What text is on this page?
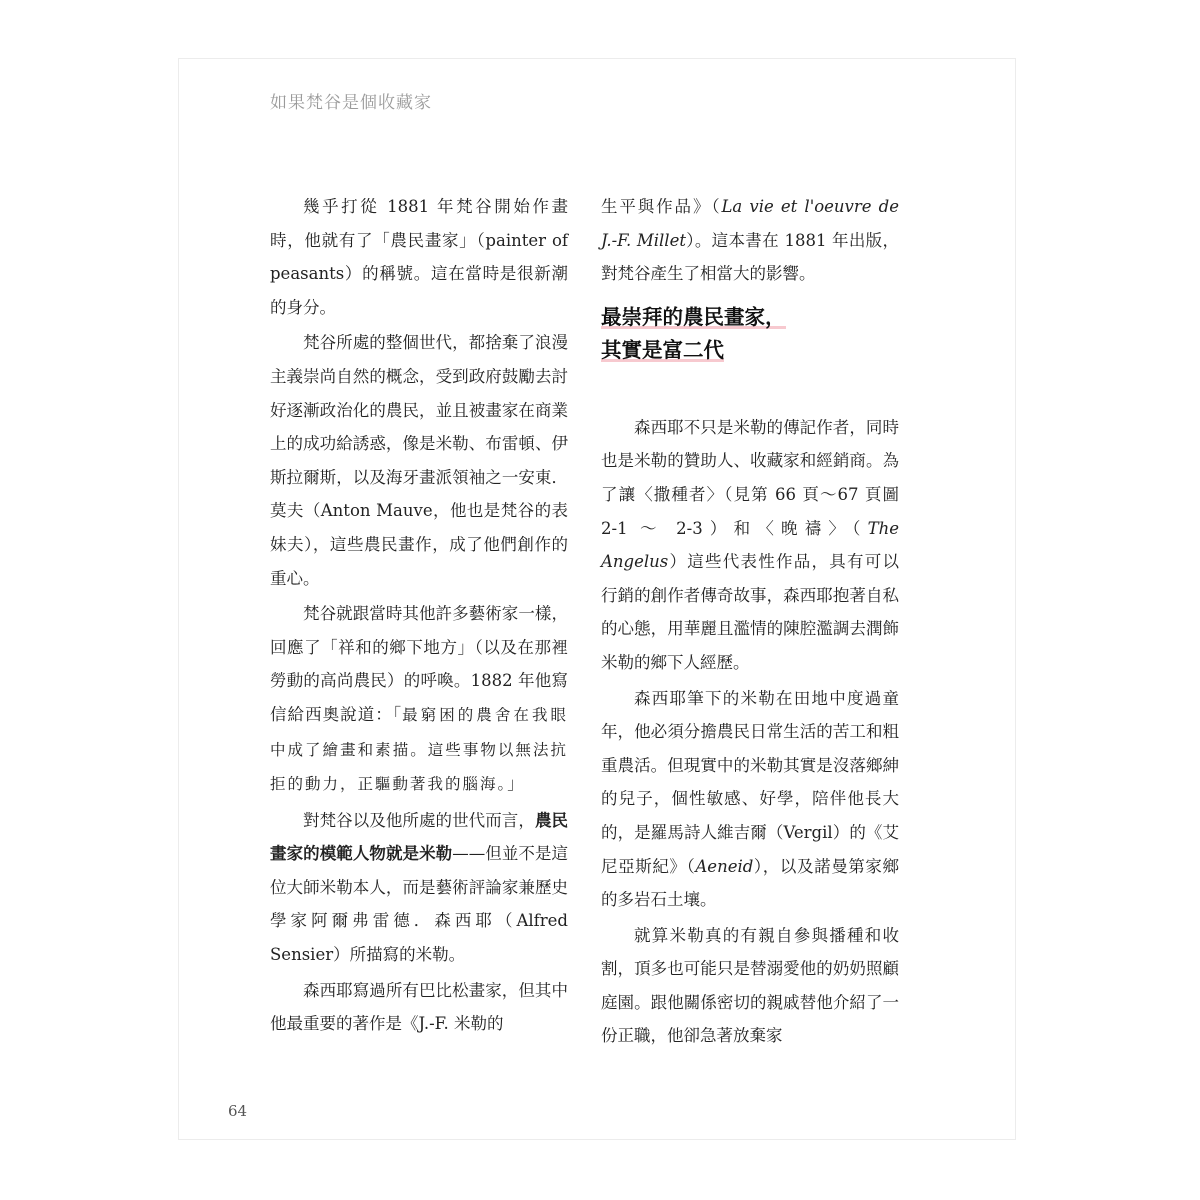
如果梵谷是個收藏家

幾乎打從 1881 年梵谷開始作畫時，他就有了「農民畫家」（painter of peasants）的稱號。這在當時是很新潮的身分。

梵谷所處的整個世代，都捨棄了浪漫主義崇尚自然的概念，受到政府鼓勵去討好逐漸政治化的農民，並且被畫家在商業上的成功給誘惑，像是米勒、布雷頓、伊斯拉爾斯，以及海牙畫派領袖之一安東．莫夫（Anton Mauve，他也是梵谷的表妹夫），這些農民畫作，成了他們創作的重心。

梵谷就跟當時其他許多藝術家一樣，回應了「祥和的鄉下地方」（以及在那裡勞動的高尚農民）的呼喚。1882 年他寫信給西奧說道：「最窮困的農舍在我眼中成了繪畫和素描。這些事物以無法抗拒的動力，正驅動著我的腦海。」

對梵谷以及他所處的世代而言，農民畫家的模範人物就是米勒——但並不是這位大師米勒本人，而是藝術評論家兼歷史學家阿爾弗雷德．森西耶（Alfred Sensier）所描寫的米勒。

森西耶寫過所有巴比松畫家，但其中他最重要的著作是《J.-F. 米勒的

生平與作品》（La vie et l'oeuvre de J.-F. Millet）。這本書在 1881 年出版，對梵谷產生了相當大的影響。

最崇拜的農民畫家，
其實是富二代

森西耶不只是米勒的傳記作者，同時也是米勒的贊助人、收藏家和經銷商。為了讓〈撒種者〉（見第 66 頁～67 頁圖 2-1 ～ 2-3）和〈晚禱〉（The Angelus）這些代表性作品，具有可以行銷的創作者傳奇故事，森西耶抱著自私的心態，用華麗且濫情的陳腔濫調去潤飾米勒的鄉下人經歷。

森西耶筆下的米勒在田地中度過童年，他必須分擔農民日常生活的苦工和粗重農活。但現實中的米勒其實是沒落鄉紳的兒子，個性敏感、好學，陪伴他長大的，是羅馬詩人維吉爾（Vergil）的《艾尼亞斯紀》（Aeneid），以及諾曼第家鄉的多岩石土壤。

就算米勒真的有親自參與播種和收割，頂多也可能只是替溺愛他的奶奶照顧庭園。跟他關係密切的親戚替他介紹了一份正職，他卻急著放棄家

64
